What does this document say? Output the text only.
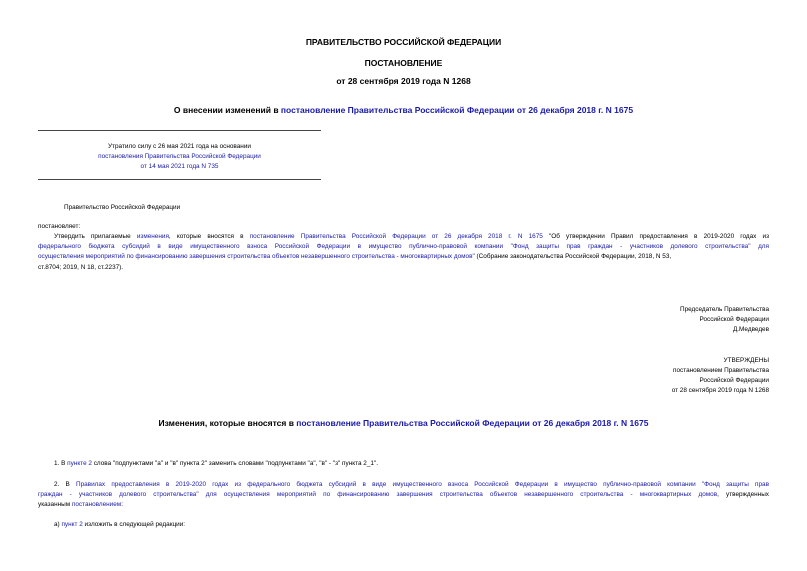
ПРАВИТЕЛЬСТВО РОССИЙСКОЙ ФЕДЕРАЦИИ
ПОСТАНОВЛЕНИЕ
от 28 сентября 2019 года N 1268
О внесении изменений в постановление Правительства Российской Федерации от 26 декабря 2018 г. N 1675
Утратило силу с 26 мая 2021 года на основании
постановления Правительства Российской Федерации
от 14 мая 2021 года N 735
Правительство Российской Федерации
постановляет:
Утвердить прилагаемые изменения, которые вносятся в постановление Правительства Российской Федерации от 26 декабря 2018 г. N 1675 "Об утверждении Правил предоставления в 2019-2020 годах из
федерального бюджета субсидий в виде имущественного взноса Российской Федерации в имущество публично-правовой компании "Фонд защиты прав граждан - участников долевого строительства" для
осуществления мероприятий по финансированию завершения строительства объектов незавершенного строительства - многоквартирных домов" (Собрание законодательства Российской Федерации, 2018, N 53,
ст.8704; 2019, N 18, ст.2237).
Председатель Правительства
Российской Федерации
Д.Медведев
УТВЕРЖДЕНЫ
постановлением Правительства
Российской Федерации
от 28 сентября 2019 года N 1268
Изменения, которые вносятся в постановление Правительства Российской Федерации от 26 декабря 2018 г. N 1675
1. В пункте 2 слова "подпунктами "а" и "в" пункта 2" заменить словами "подпунктами "а", "в" - "з" пункта 2_1".
2. В Правилах предоставления в 2019-2020 годах из федерального бюджета субсидий в виде имущественного взноса Российской Федерации в имущество публично-правовой компании "Фонд защиты прав
граждан - участников долевого строительства" для осуществления мероприятий по финансированию завершения строительства объектов незавершенного строительства - многоквартирных домов, утвержденных
указанным постановлением:
а) пункт 2 изложить в следующей редакции:
